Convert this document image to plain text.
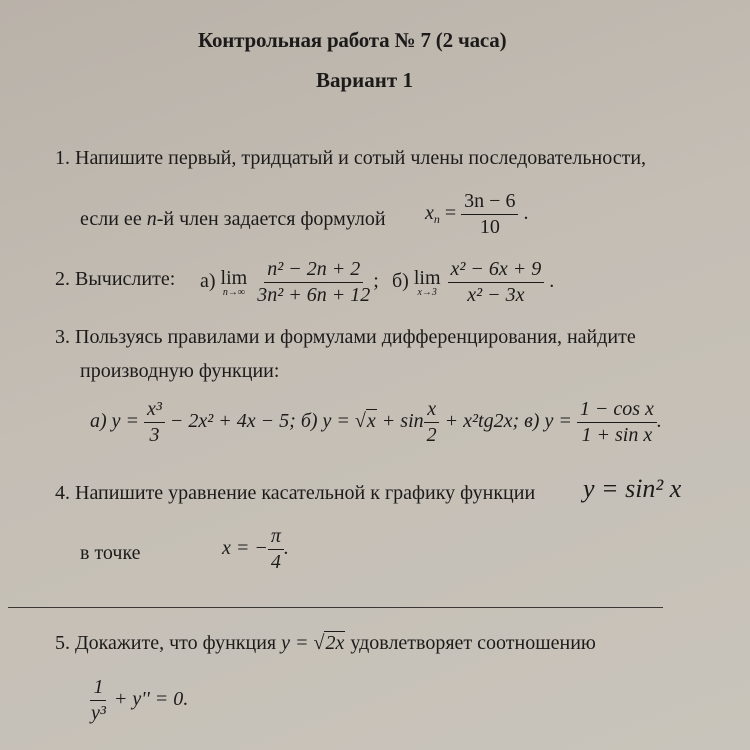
Контрольная работа № 7 (2 часа)
Вариант 1
1. Напишите первый, тридцатый и сотый члены последовательности,
если ее n-й член задается формулой $x_n = \frac{3n - 6}{10}$ .
2. Вычислите: а) lim
n→∞
$\frac{\text{n² − 2n + 2}}{\text{3n² + 6n + 12}}$ ; б) lim
x→3
$\frac{\text{x² − 6x + 9}}{\text{x² − 3x}}$ .
3. Пользуясь правилами и формулами дифференцирования, найдите
производную функции:
а) $y = \frac{\text{x³}}{3} - 2x^2 + 4x - 5$; б) $y = √x + \sin \frac{x}{2} + x^2tg2x$; в) $y = \frac{\text{1 − cos x}}{\text{1 + sin x}}$ .
4. Напишите уравнение касательной к графику функции y = sin² x
в точке	x = − $\frac{\pi}{4}$ .
5. Докажите, что функция y = √2x удовлетворяет соотношению
$\frac{1}{\text{y³}} + y'' = 0$.
